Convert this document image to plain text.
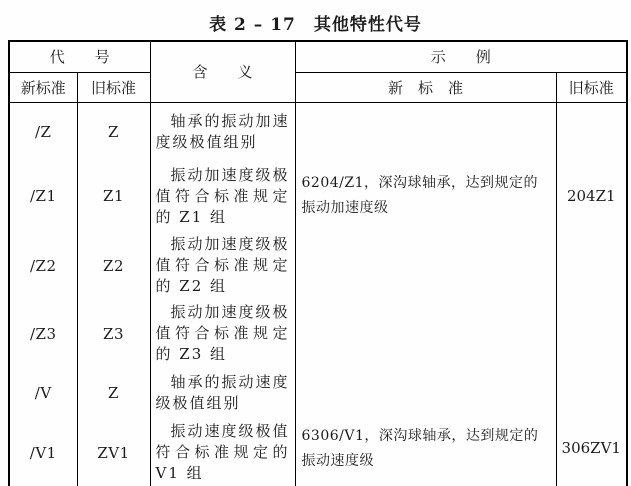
表 2 – 17　其他特性代号
代　　号		含　　义	示　　例	
新标准	旧标准		新　标　准	旧标准
/Z	Z	轴承的振动加速度级极值组别	6204/Z1，深沟球轴承，达到规定的振动加速度级	204Z1
/Z1	Z1	振动加速度级极值符合标准规定的 Z1 组		
/Z2	Z2	振动加速度级极值符合标准规定的 Z2 组		
/Z3	Z3	振动加速度级极值符合标准规定的 Z3 组		
/V	Z	轴承的振动速度级极值组别	6306/V1，深沟球轴承，达到规定的振动速度级	306ZV1
/V1	ZV1	振动速度级极值符合标准规定的 V1 组		
